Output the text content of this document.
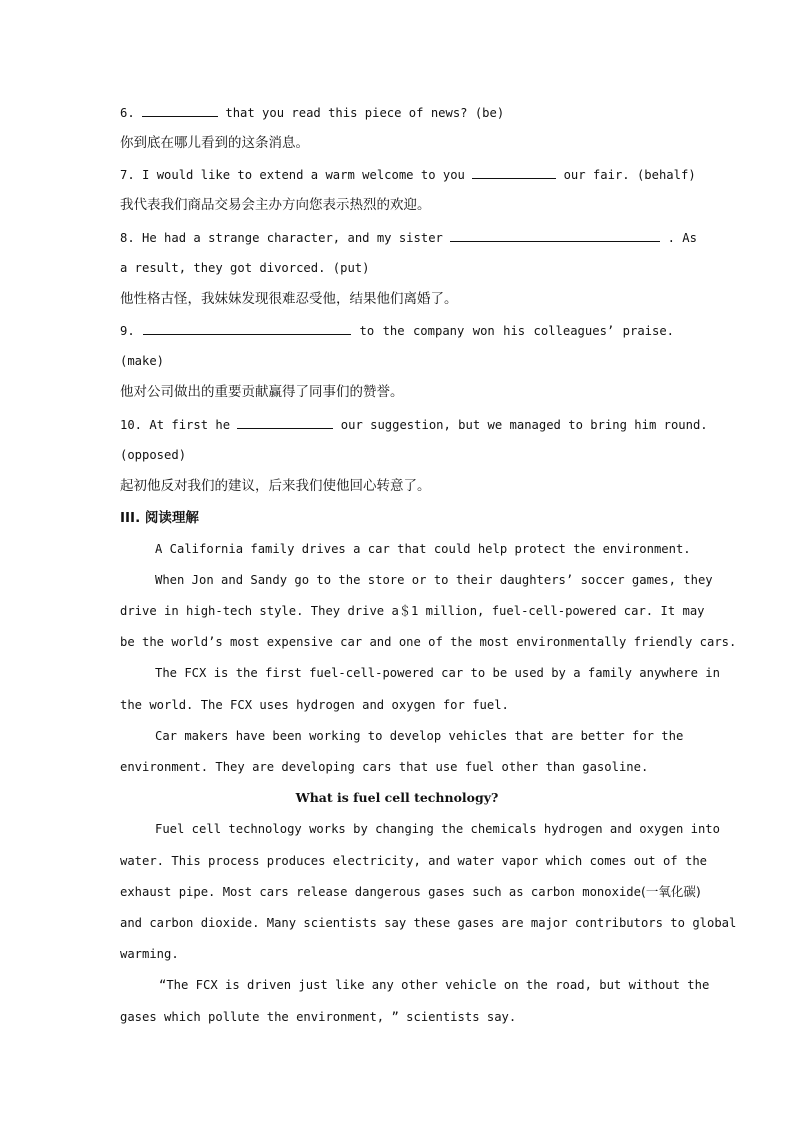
6.	that you read this piece of news? (be)
你到底在哪儿看到的这条消息。
7. I would like to extend a warm welcome to you	our fair. (behalf)
我代表我们商品交易会主办方向您表示热烈的欢迎。
8. He had a strange character, and my sister	. As
a result, they got divorced. (put)
他性格古怪，我妹妹发现很难忍受他，结果他们离婚了。
9.	to the company won his colleagues’ praise.
(make)
他对公司做出的重要贡献赢得了同事们的赞誉。
10. At first he	our suggestion, but we managed to bring him round.
(opposed)
起初他反对我们的建议，后来我们使他回心转意了。
III. 阅读理解
A California family drives a car that could help protect the environment.
When Jon and Sandy go to the store or to their daughters’ soccer games, they
drive in high-tech style. They drive a＄1 million, fuel-cell-powered car. It may
be the world’s most expensive car and one of the most environmentally friendly cars.
The FCX is the first fuel-cell-powered car to be used by a family anywhere in
the world. The FCX uses hydrogen and oxygen for fuel.
Car makers have been working to develop vehicles that are better for the
environment. They are developing cars that use fuel other than gasoline.
What is fuel cell technology?
Fuel cell technology works by changing the chemicals hydrogen and oxygen into
water. This process produces electricity, and water vapor which comes out of the
exhaust pipe. Most cars release dangerous gases such as carbon monoxide(一氧化碳)
and carbon dioxide. Many scientists say these gases are major contributors to global
warming.
“The FCX is driven just like any other vehicle on the road, but without the
gases which pollute the environment, ” scientists say.
